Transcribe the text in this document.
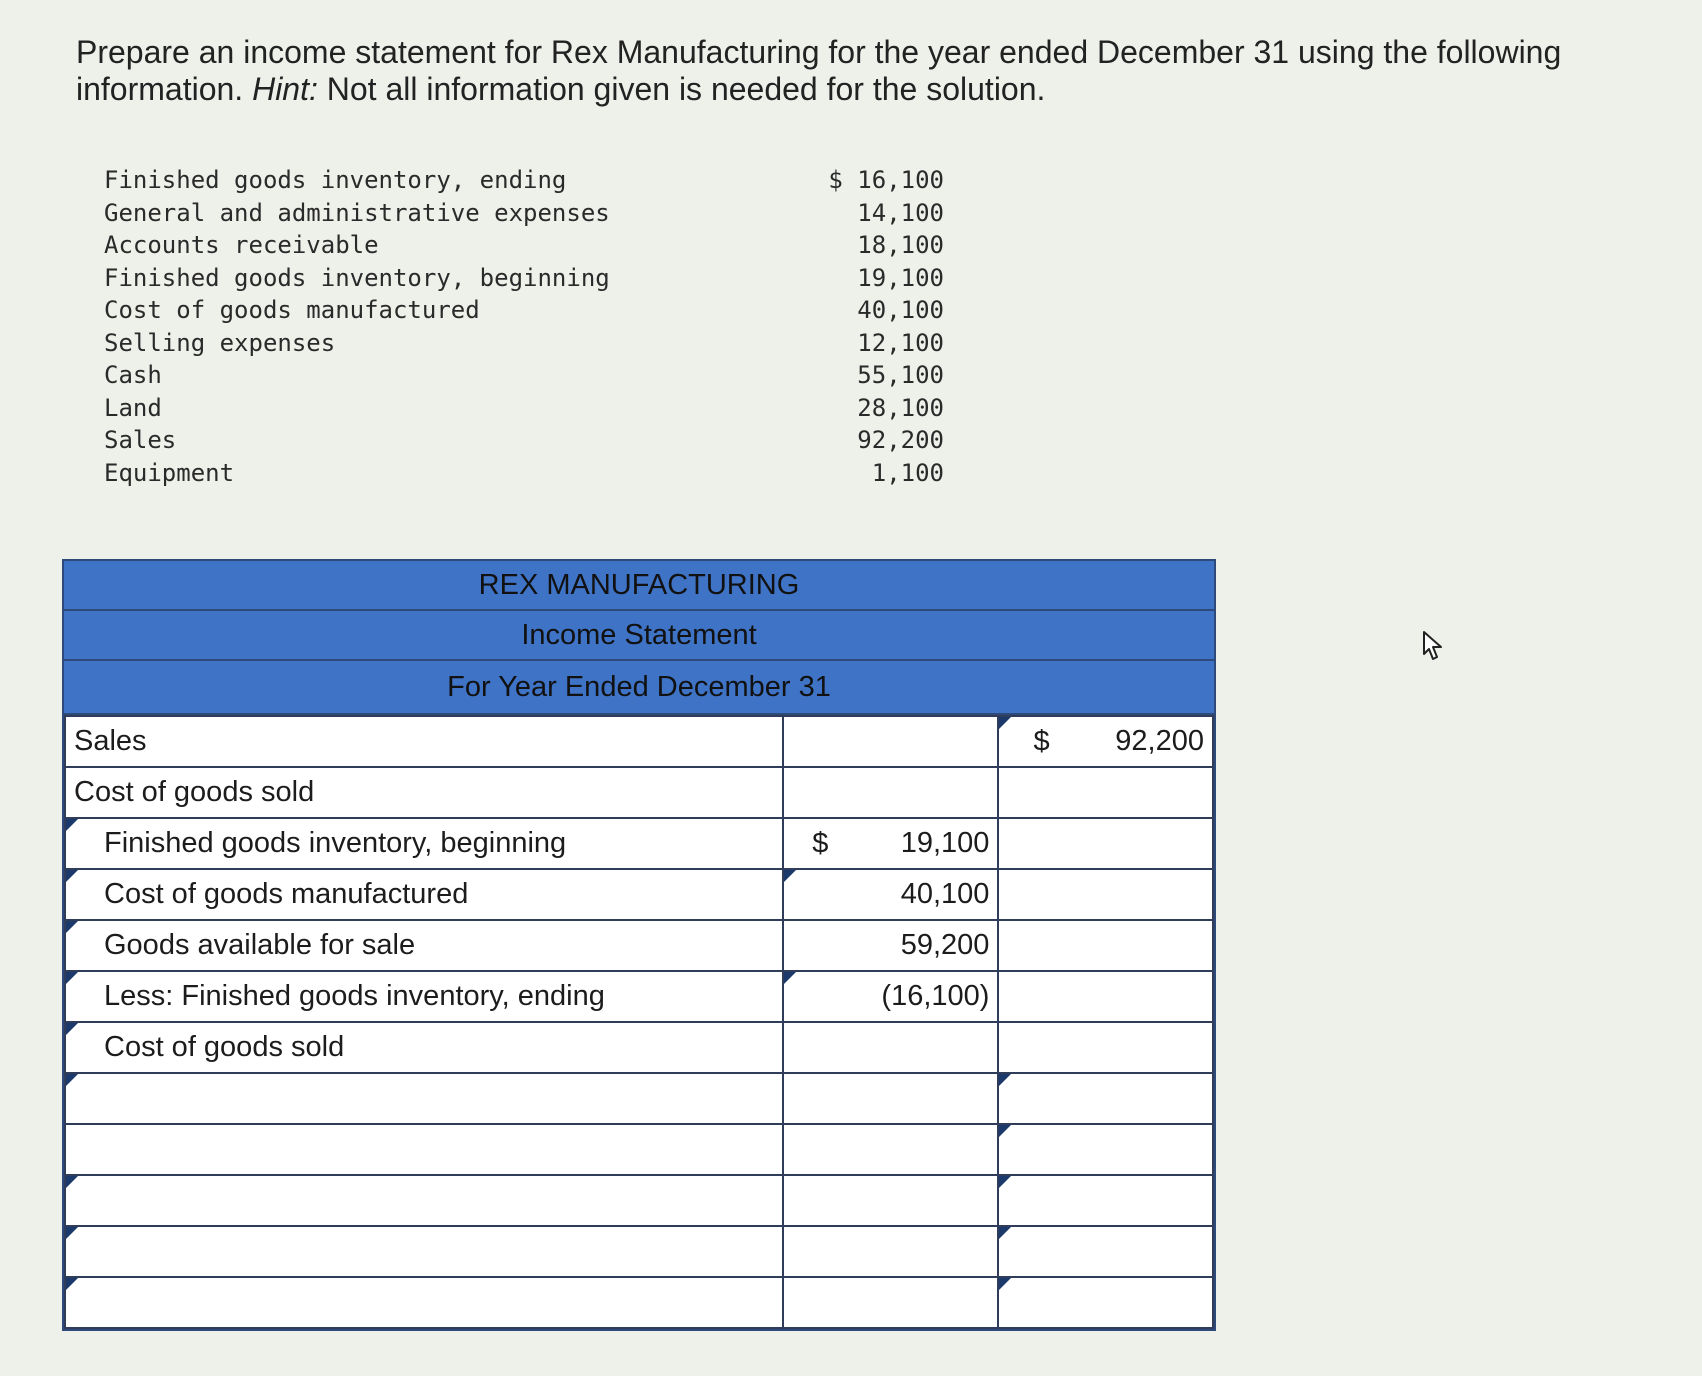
Prepare an income statement for Rex Manufacturing for the year ended December 31 using the following information. Hint: Not all information given is needed for the solution.
Finished goods inventory, ending	$ 16,100
General and administrative expenses	14,100
Accounts receivable	18,100
Finished goods inventory, beginning	19,100
Cost of goods manufactured	40,100
Selling expenses	12,100
Cash	55,100
Land	28,100
Sales	92,200
Equipment	1,100
REX MANUFACTURING
Income Statement
For Year Ended December 31
Sales		$ 92,200
Cost of goods sold	

Finished goods inventory, beginning	$ 19,100	

Cost of goods manufactured	40,100	

Goods available for sale	59,200	

Less: Finished goods inventory, ending	(16,100)	

Cost of goods sold	
